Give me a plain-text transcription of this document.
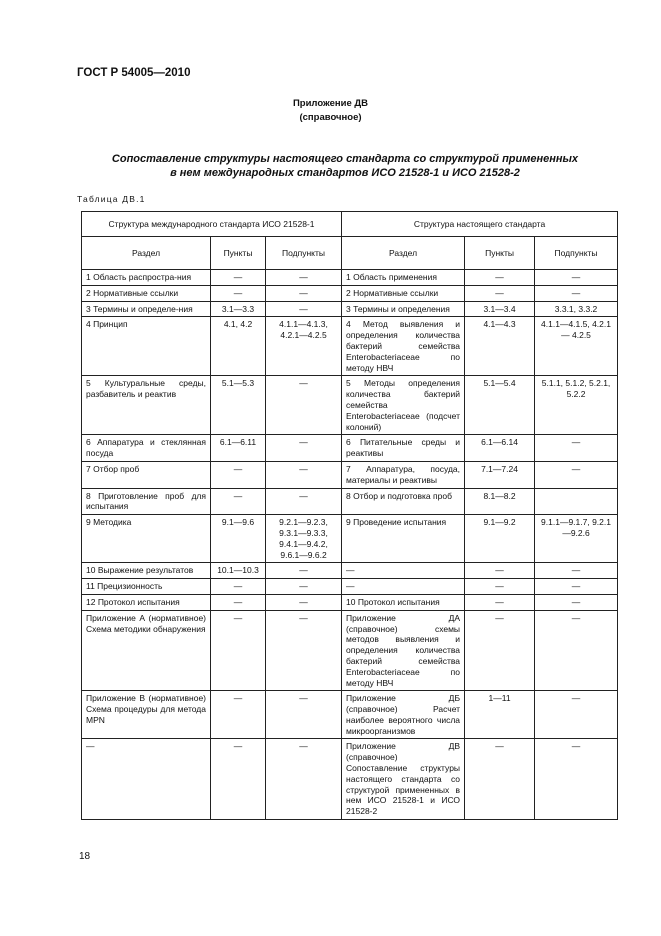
ГОСТ Р 54005—2010
Приложение ДВ
(справочное)
Сопоставление структуры настоящего стандарта со структурой примененных
в нем международных стандартов ИСО 21528-1 и ИСО 21528-2
Таблица ДВ.1
Структура международного стандарта ИСО 21528-1			Структура настоящего стандарта		
Раздел	Пункты	Подпункты	Раздел	Пункты	Подпункты
1 Область распростра-ния	—	—	1 Область применения	—	—
2 Нормативные ссылки	—	—	2 Нормативные ссылки	—	—
3 Термины и определе-ния	3.1—3.3	—	3 Термины и определения	3.1—3.4	3.3.1, 3.3.2
4 Принцип	4.1, 4.2	4.1.1—4.1.3, 4.2.1—4.2.5	4 Метод выявления и определения количества бактерий семейства Enterobacteriaceae по методу НВЧ	4.1—4.3	4.1.1—4.1.5, 4.2.1— 4.2.5
5 Культуральные среды, разбавитель и реактив	5.1—5.3	—	5 Методы определения количества бактерий семейства Enterobacteriaceae (подсчет колоний)	5.1—5.4	5.1.1, 5.1.2, 5.2.1, 5.2.2
6 Аппаратура и стеклянная посуда	6.1—6.11	—	6 Питательные среды и реактивы	6.1—6.14	—
7 Отбор проб	—	—	7 Аппаратура, посуда, материалы и реактивы	7.1—7.24	—
8 Приготовление проб для испытания	—	—	8 Отбор и подготовка проб	8.1—8.2	
9 Методика	9.1—9.6	9.2.1—9.2.3, 9.3.1—9.3.3, 9.4.1—9.4.2, 9.6.1—9.6.2	9 Проведение испытания	9.1—9.2	9.1.1—9.1.7, 9.2.1—9.2.6
10 Выражение результатов	10.1—10.3	—	—	—	—
11 Прецизионность	—	—	—	—	—
12 Протокол испытания	—	—	10 Протокол испытания	—	—
Приложение А (нормативное) Схема методики обнаружения	—	—	Приложение ДА (справочное) схемы методов выявления и определения количества бактерий семейства Enterobacteriaceae по методу НВЧ	—	—
Приложение В (нормативное) Схема процедуры для метода MPN	—	—	Приложение ДБ (справочное) Расчет наиболее вероятного числа микроорганизмов	1—11	—
—	—	—	Приложение ДВ (справочное) Сопоставление структуры настоящего стандарта со структурой примененных в нем ИСО 21528-1 и ИСО 21528-2	—	—
18
